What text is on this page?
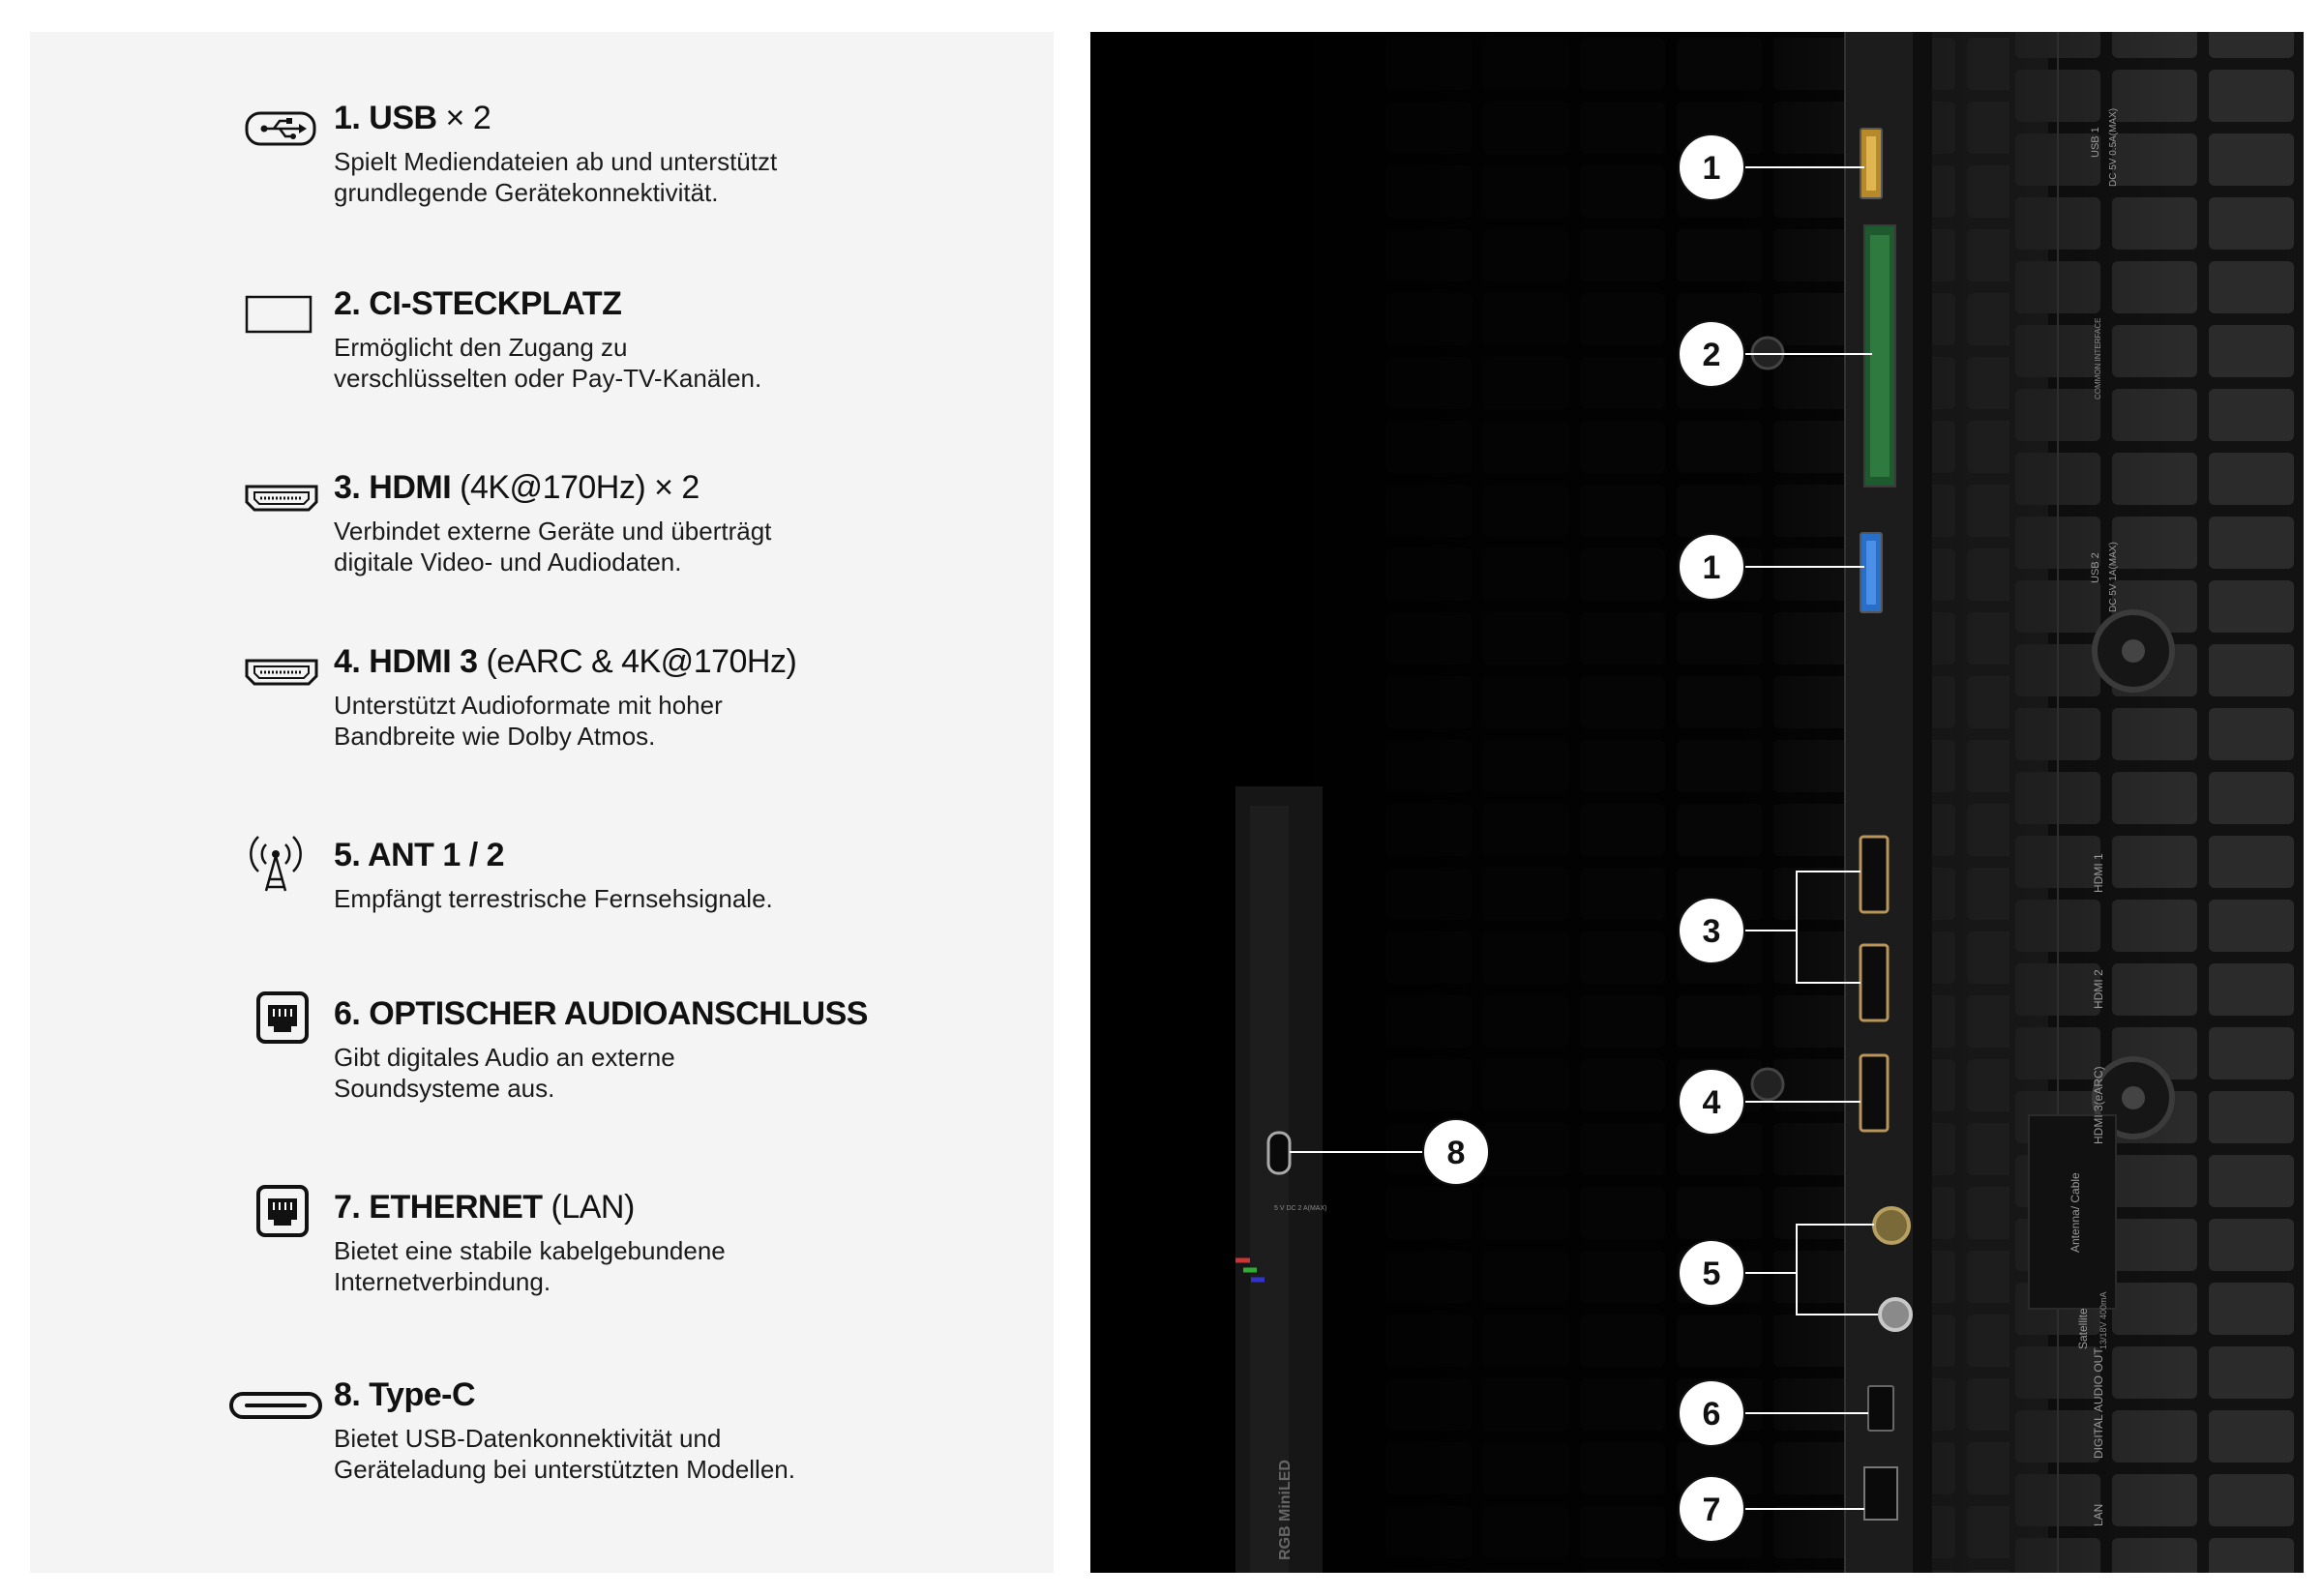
1. USB × 2
Spielt Mediendateien ab und unterstützt
grundlegende Gerätekonnektivität.
2. CI-STECKPLATZ
Ermöglicht den Zugang zu
verschlüsselten oder Pay-TV-Kanälen.
3. HDMI (4K@170Hz) × 2
Verbindet externe Geräte und überträgt
digitale Video- und Audiodaten.
4. HDMI 3 (eARC & 4K@170Hz)
Unterstützt Audioformate mit hoher
Bandbreite wie Dolby Atmos.
5. ANT 1 / 2
Empfängt terrestrische Fernsehsignale.
6. OPTISCHER AUDIOANSCHLUSS
Gibt digitales Audio an externe
Soundsysteme aus.
7. ETHERNET (LAN)
Bietet eine stabile kabelgebundene
Internetverbindung.
8. Type-C
Bietet USB-Datenkonnektivität und
Geräteladung bei unterstützten Modellen.
USB 1 DC 5V 0.5A(MAX)
COMMON INTERFACE
USB 2 DC 5V 1A(MAX)
HDMI 1
HDMI 2
HDMI 3(eARC)
Antenna/ Cable
Satellite 13/18V 400mA
DIGITAL AUDIO OUT
LAN
5 V DC 2 A(MAX)
RGB MiniLED
1
2
1
3
4
5
6
7
8
